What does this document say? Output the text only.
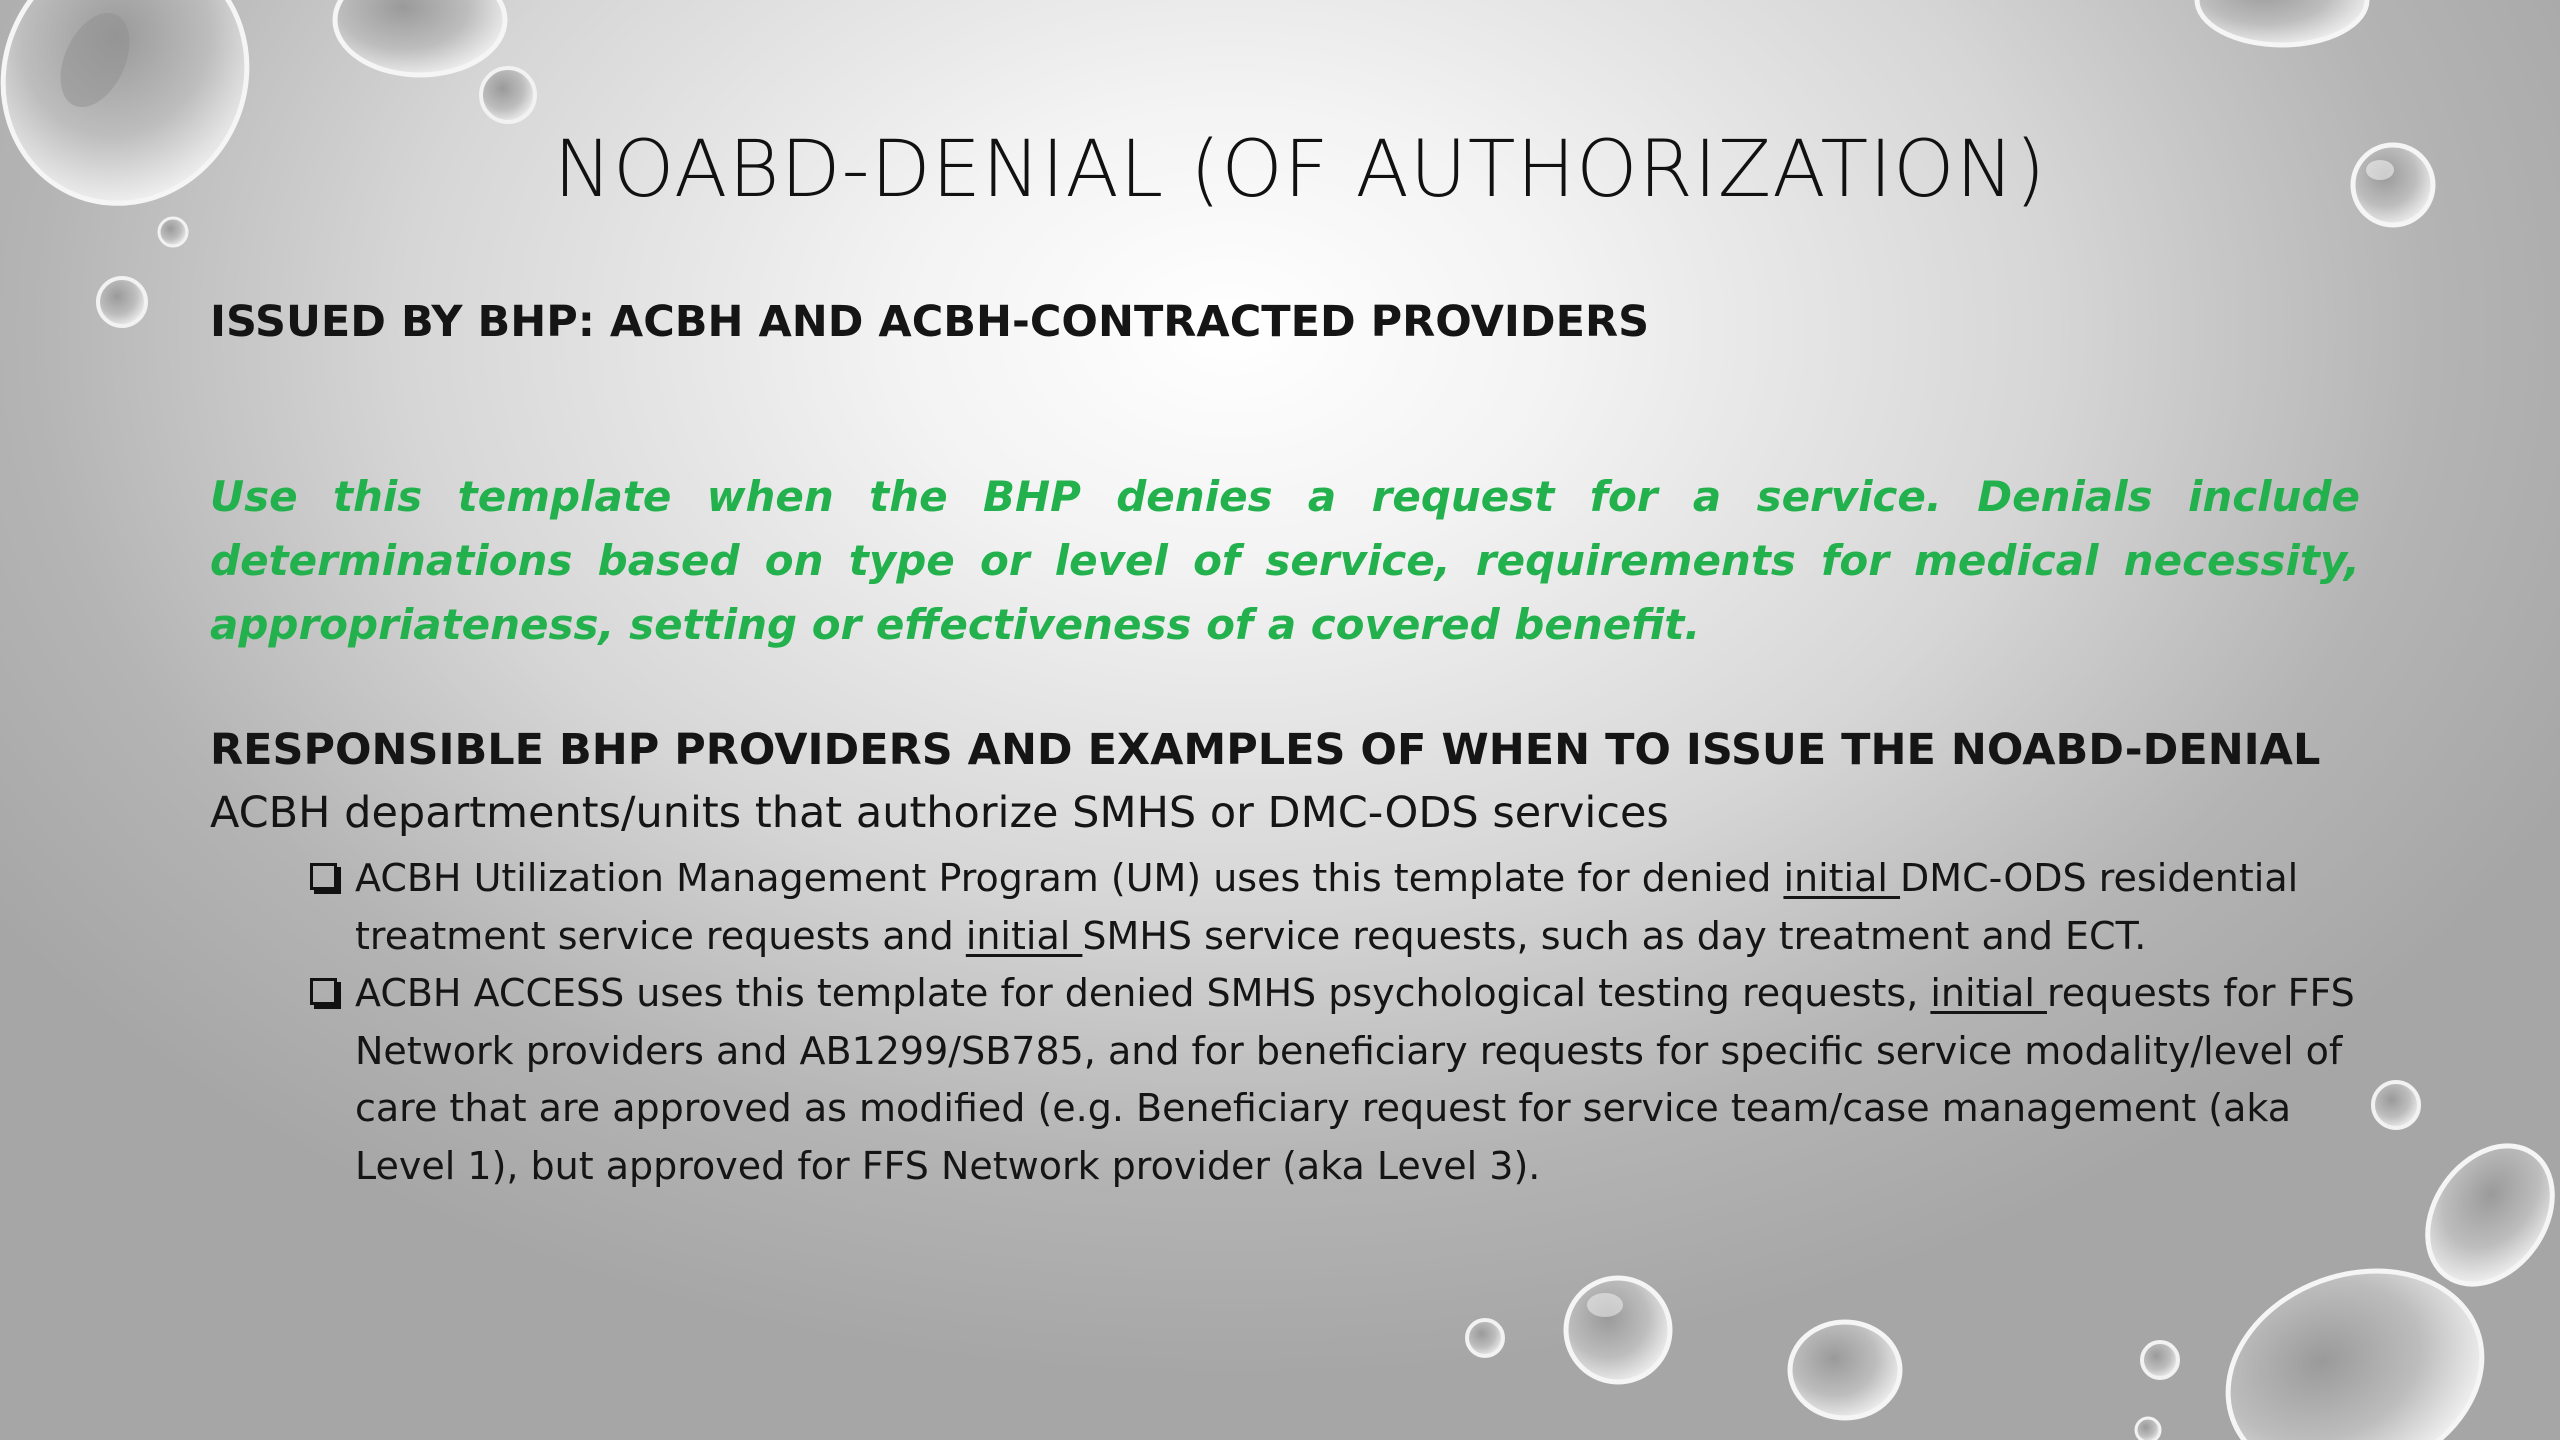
NOABD-DENIAL (OF AUTHORIZATION)
ISSUED BY BHP: ACBH AND ACBH-CONTRACTED PROVIDERS

Use this template when the BHP denies a request for a service. Denials include determinations based on type or level of service, requirements for medical necessity, appropriateness, setting or effectiveness of a covered benefit.

RESPONSIBLE BHP PROVIDERS AND EXAMPLES OF WHEN TO ISSUE THE NOABD-DENIAL

ACBH departments/units that authorize SMHS or DMC-ODS services

ACBH Utilization Management Program (UM) uses this template for denied initial DMC-ODS residential treatment service requests and initial SMHS service requests, such as day treatment and ECT.
ACBH ACCESS uses this template for denied SMHS psychological testing requests, initial requests for FFS Network providers and AB1299/SB785, and for beneficiary requests for specific service modality/level of care that are approved as modified (e.g. Beneficiary request for service team/case management (aka Level 1), but approved for FFS Network provider (aka Level 3).
